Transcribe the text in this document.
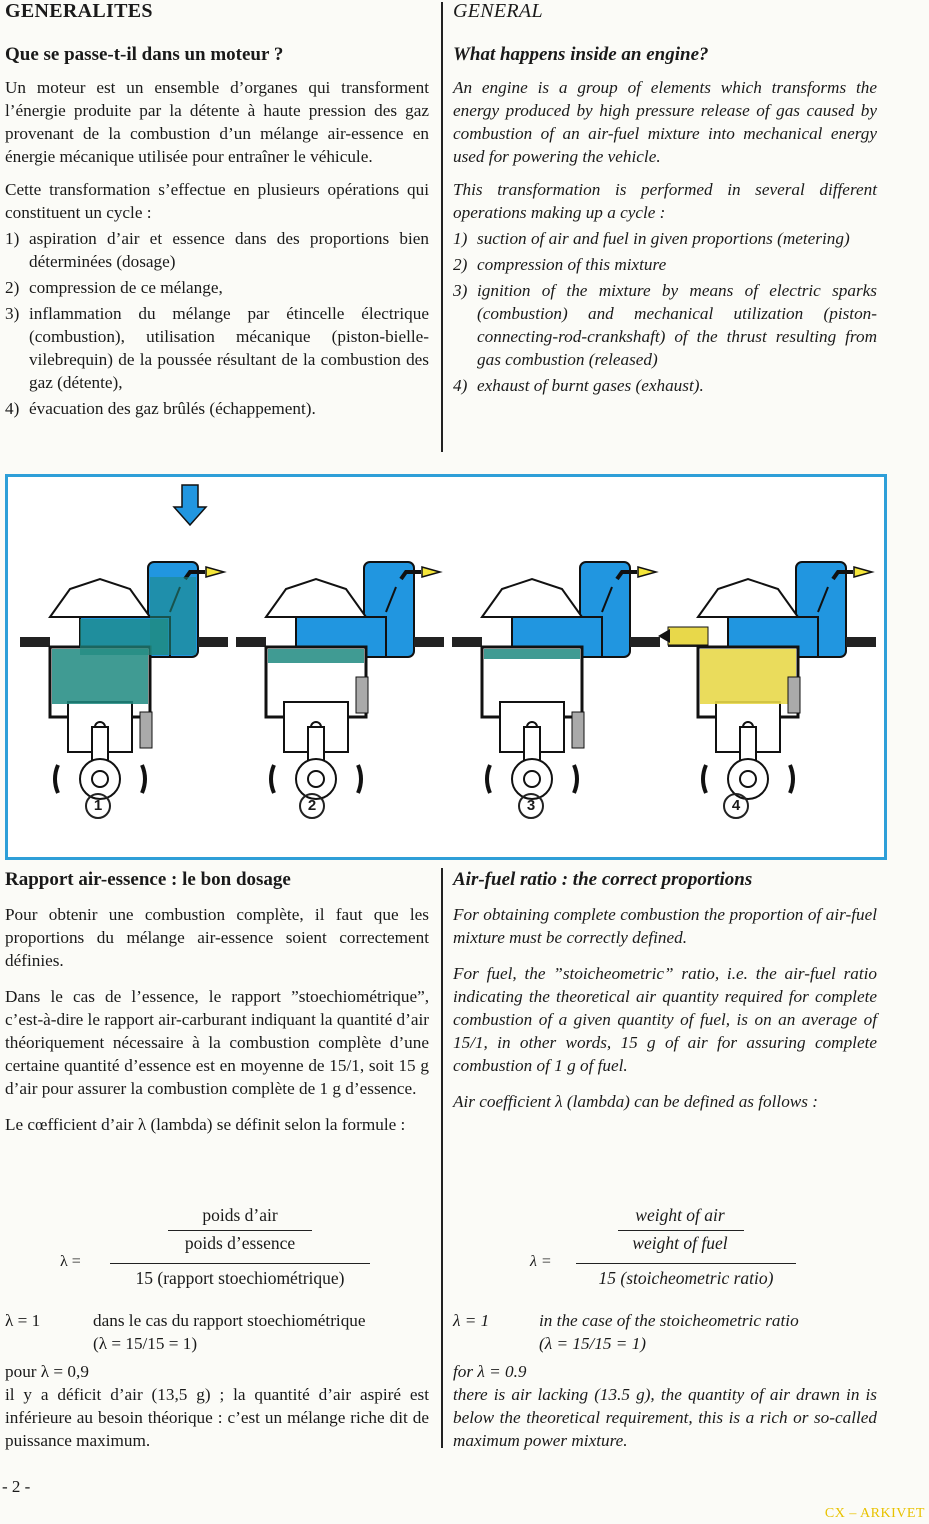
GENERALITES
Que se passe-t-il dans un moteur ?

Un moteur est un ensemble d’organes qui transforment l’énergie produite par la détente à haute pression des gaz provenant de la combustion d’un mélange air-essence en énergie mécanique utilisée pour entraîner le véhicule.

Cette transformation s’effectue en plusieurs opérations qui constituent un cycle :

1) aspiration d’air et essence dans des proportions bien déterminées (dosage)
2) compression de ce mélange,
3) inflammation du mélange par étincelle électrique (combustion), utilisation mécanique (piston-bielle-vilebrequin) de la poussée résultant de la combustion des gaz (détente),
4) évacuation des gaz brûlés (échappement).
GENERAL
What happens inside an engine?

An engine is a group of elements which transforms the energy produced by high pressure release of gas caused by combustion of an air-fuel mixture into mechanical energy used for powering the vehicle.

This transformation is performed in several different operations making up a cycle :

1) suction of air and fuel in given proportions (metering)
2) compression of this mixture
3) ignition of the mixture by means of electric sparks (combustion) and mechanical utilization (piston-connecting-rod-crankshaft) of the thrust resulting from gas combustion (released)
4) exhaust of burnt gases (exhaust).
1	2	3	4
Rapport air-essence : le bon dosage

Pour obtenir une combustion complète, il faut que les proportions du mélange air-essence soient correctement définies.

Dans le cas de l’essence, le rapport ”stoechiométrique”, c’est-à-dire le rapport air-carburant indiquant la quantité d’air théoriquement nécessaire à la combustion complète d’une certaine quantité d’essence est en moyenne de 15/1, soit 15 g d’air pour assurer la combustion complète de 1 g d’essence.

Le cœfficient d’air λ (lambda) se définit selon la formule :

λ =
poids d’air
poids d’essence
15 (rapport stoechiométrique)
λ = 1	dans le cas du rapport stoechiométrique
(λ = 15/15 = 1)
pour λ = 0,9

il y a déficit d’air (13,5 g) ; la quantité d’air aspiré est inférieure au besoin théorique : c’est un mélange riche dit de puissance maximum.

Air-fuel ratio : the correct proportions

For obtaining complete combustion the proportion of air-fuel mixture must be correctly defined.

For fuel, the ”stoicheometric” ratio, i.e. the air-fuel ratio indicating the theoretical air quantity required for complete combustion of a given quantity of fuel, is on an average of 15/1, in other words, 15 g of air for assuring complete combustion of 1 g of fuel.

Air coefficient λ (lambda) can be defined as follows :

λ =
weight of air
weight of fuel
15 (stoicheometric ratio)
λ = 1	in the case of the stoicheometric ratio
(λ = 15/15 = 1)
for λ = 0.9

there is air lacking (13.5 g), the quantity of air drawn in is below the theoretical requirement, this is a rich or so-called maximum power mixture.

- 2 -
CX – ARKIVET
